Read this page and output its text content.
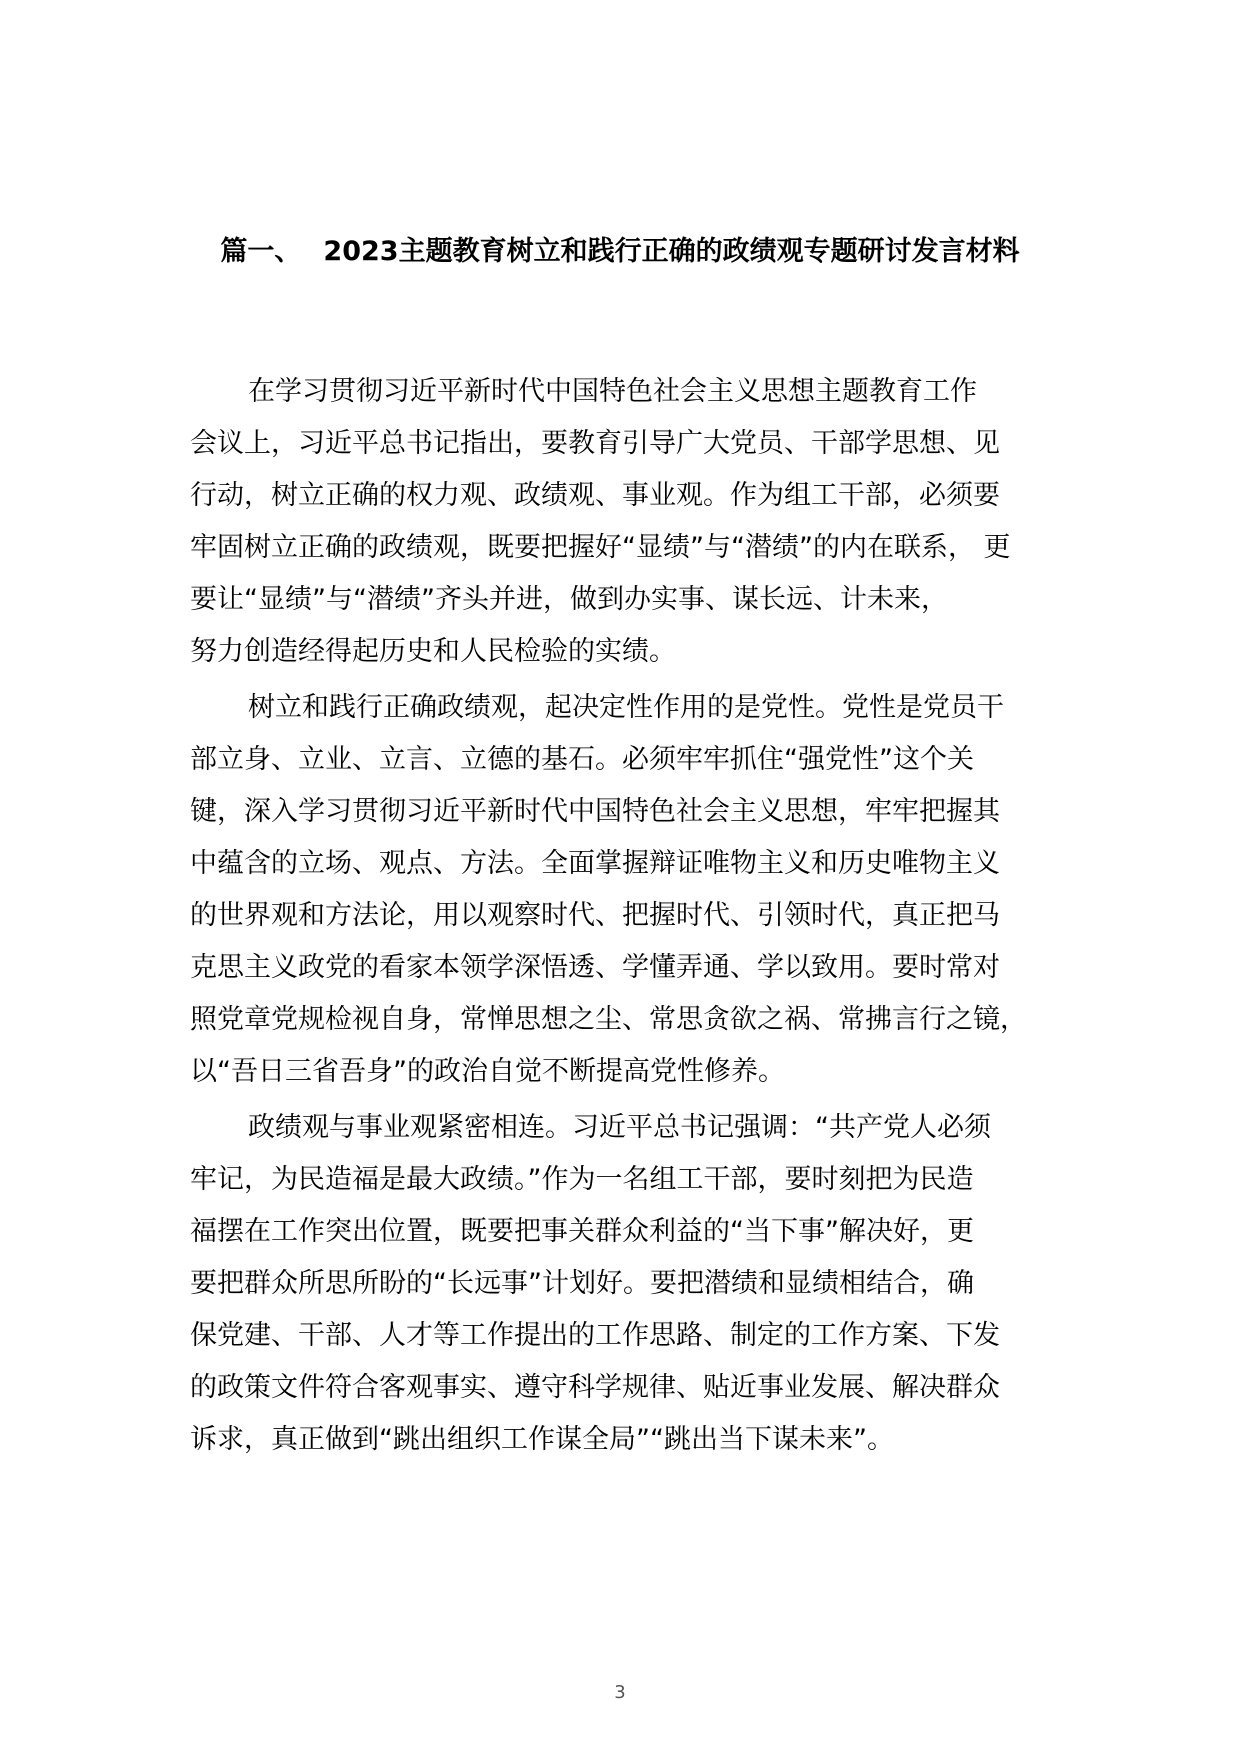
篇一、 2023主题教育树立和践行正确的政绩观专题研讨发言材料
在学习贯彻习近平新时代中国特色社会主义思想主题教育工作
会议上，习近平总书记指出，要教育引导广大党员、干部学思想、见
行动，树立正确的权力观、政绩观、事业观。作为组工干部，必须要
牢固树立正确的政绩观，既要把握好“显绩”与“潜绩”的内在联系， 更
要让“显绩”与“潜绩”齐头并进，做到办实事、谋长远、计未来，
努力创造经得起历史和人民检验的实绩。
树立和践行正确政绩观，起决定性作用的是党性。党性是党员干
部立身、立业、立言、立德的基石。必须牢牢抓住“强党性”这个关
键，深入学习贯彻习近平新时代中国特色社会主义思想，牢牢把握其
中蕴含的立场、观点、方法。全面掌握辩证唯物主义和历史唯物主义
的世界观和方法论，用以观察时代、把握时代、引领时代，真正把马
克思主义政党的看家本领学深悟透、学懂弄通、学以致用。要时常对
照党章党规检视自身，常惮思想之尘、常思贪欲之祸、常拂言行之镜，
以“吾日三省吾身”的政治自觉不断提高党性修养。
政绩观与事业观紧密相连。习近平总书记强调：“共产党人必须
牢记，为民造福是最大政绩。”作为一名组工干部，要时刻把为民造
福摆在工作突出位置，既要把事关群众利益的“当下事”解决好，更
要把群众所思所盼的“长远事”计划好。要把潜绩和显绩相结合，确
保党建、干部、人才等工作提出的工作思路、制定的工作方案、下发
的政策文件符合客观事实、遵守科学规律、贴近事业发展、解决群众
诉求，真正做到“跳出组织工作谋全局”“跳出当下谋未来”。
3
